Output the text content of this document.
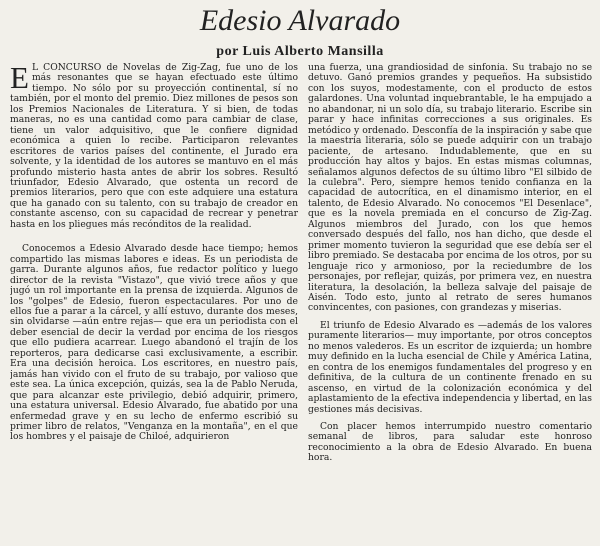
Edesio Alvarado
por Luis Alberto Mansilla

E L CONCURSO de Novelas de Zig-Zag, fue uno de los más resonantes que se hayan efectuado este último tiempo. No sólo por su proyección continental, sí no también, por el monto del premio. Diez millones de pesos son los Premios Nacionales de Literatura. Y si bien, de todas maneras, no es una cantidad como para cambiar de clase, tiene un valor adquisitivo, que le confiere dignidad económica a quien lo recibe. Participaron relevantes escritores de varios países del continente, el Jurado era solvente, y la identidad de los autores se mantuvo en el más profundo misterio hasta antes de abrir los sobres. Resultó triunfador, Edesio Alvarado, que ostenta un record de premios literarios, pero que con este adquiere una estatura que ha ganado con su talento, con su trabajo de creador en constante ascenso, con su capacidad de recrear y penetrar hasta en los pliegues más recónditos de la realidad.

Conocemos a Edesio Alvarado desde hace tiempo; hemos compartido las mismas labores e ideas. Es un periodista de garra. Durante algunos años, fue redactor político y luego director de la revista "Vistazo", que vivió trece años y que jugó un rol importante en la prensa de izquierda. Algunos de los "golpes" de Edesio, fueron espectaculares. Por uno de ellos fue a parar a la cárcel, y allí estuvo, durante dos meses, sin olvidarse —aún entre rejas— que era un periodista con el deber esencial de decir la verdad por encima de los riesgos que ello pudiera acarrear. Luego abandonó el trajín de los reporteros, para dedicarse casi exclusivamente, a escribir. Era una decisión heroica. Los escritores, en nuestro país, jamás han vivido con el fruto de su trabajo, por valioso que este sea. La única excepción, quizás, sea la de Pablo Neruda, que para alcanzar este privilegio, debió adquirir, primero, una estatura universal. Edesio Alvarado, fue abatido por una enfermedad grave y en su lecho de enfermo escribió su primer libro de relatos, "Venganza en la montaña", en el que los hombres y el paisaje de Chiloé, adquirieron

una fuerza, una grandiosidad de sinfonía. Su trabajo no se detuvo. Ganó premios grandes y pequeños. Ha subsistido con los suyos, modestamente, con el producto de estos galardones. Una voluntad inquebrantable, le ha empujado a no abandonar, ni un solo día, su trabajo literario. Escribe sin parar y hace infinitas correcciones a sus originales. Es metódico y ordenado. Desconfía de la inspiración y sabe que la maestría literaria, sólo se puede adquirir con un trabajo paciente, de artesano. Indudablemente, que en su producción hay altos y bajos. En estas mismas columnas, señalamos algunos defectos de su último libro "El silbido de la culebra". Pero, siempre hemos tenido confianza en la capacidad de autocrítica, en el dinamismo interior, en el talento, de Edesio Alvarado. No conocemos "El Desenlace", que es la novela premiada en el concurso de Zig-Zag. Algunos miembros del Jurado, con los que hemos conversado después del fallo, nos han dicho, que desde el primer momento tuvieron la seguridad que ese debía ser el libro premiado. Se destacaba por encima de los otros, por su lenguaje rico y armonioso, por la reciedumbre de los personajes, por reflejar, quizás, por primera vez, en nuestra literatura, la desolación, la belleza salvaje del paisaje de Aisén. Todo esto, junto al retrato de seres humanos convincentes, con pasiones, con grandezas y miserias.

El triunfo de Edesio Alvarado es —además de los valores puramente literarios— muy importante, por otros conceptos no menos valederos. Es un escritor de izquierda; un hombre muy definido en la lucha esencial de Chile y América Latina, en contra de los enemigos fundamentales del progreso y en definitiva, de la cultura de un continente frenado en su ascenso, en virtud de la colonización económica y del aplastamiento de la efectiva independencia y libertad, en las gestiones más decisivas.

Con placer hemos interrumpido nuestro comentario semanal de libros, para saludar este honroso reconocimiento a la obra de Edesio Alvarado. En buena hora.
